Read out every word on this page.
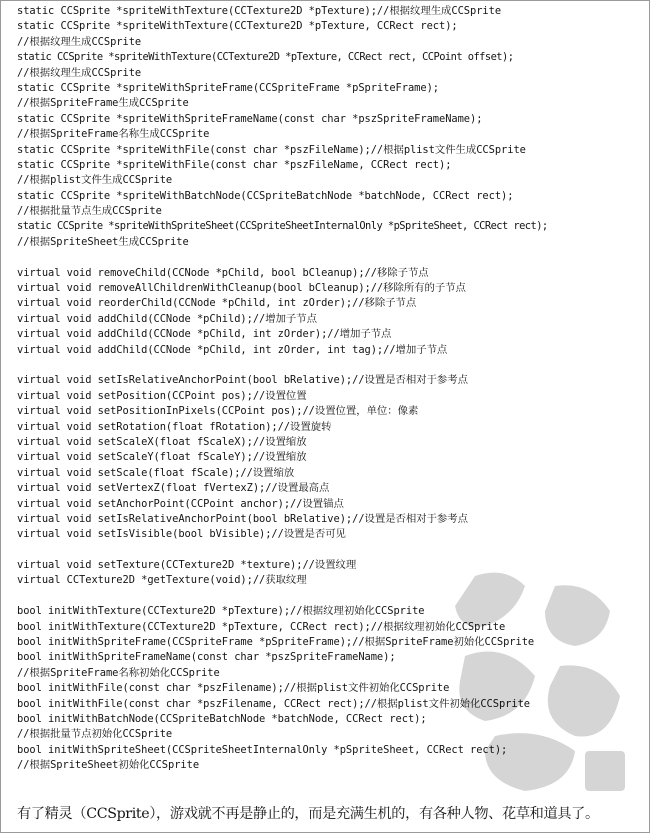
static CCSprite *spriteWithTexture(CCTexture2D *pTexture);//根据纹理生成CCSprite
static CCSprite *spriteWithTexture(CCTexture2D *pTexture, CCRect rect);
//根据纹理生成CCSprite
static CCSprite *spriteWithTexture(CCTexture2D *pTexture, CCRect rect, CCPoint offset);
//根据纹理生成CCSprite
static CCSprite *spriteWithSpriteFrame(CCSpriteFrame *pSpriteFrame);
//根据SpriteFrame生成CCSprite
static CCSprite *spriteWithSpriteFrameName(const char *pszSpriteFrameName);
//根据SpriteFrame名称生成CCSprite
static CCSprite *spriteWithFile(const char *pszFileName);//根据plist文件生成CCSprite
static CCSprite *spriteWithFile(const char *pszFileName, CCRect rect);
//根据plist文件生成CCSprite
static CCSprite *spriteWithBatchNode(CCSpriteBatchNode *batchNode, CCRect rect);
//根据批量节点生成CCSprite
static CCSprite *spriteWithSpriteSheet(CCSpriteSheetInternalOnly *pSpriteSheet, CCRect rect);
//根据SpriteSheet生成CCSprite
virtual void removeChild(CCNode *pChild, bool bCleanup);//移除子节点
virtual void removeAllChildrenWithCleanup(bool bCleanup);//移除所有的子节点
virtual void reorderChild(CCNode *pChild, int zOrder);//移除子节点
virtual void addChild(CCNode *pChild);//增加子节点
virtual void addChild(CCNode *pChild, int zOrder);//增加子节点
virtual void addChild(CCNode *pChild, int zOrder, int tag);//增加子节点
virtual void setIsRelativeAnchorPoint(bool bRelative);//设置是否相对于参考点
virtual void setPosition(CCPoint pos);//设置位置
virtual void setPositionInPixels(CCPoint pos);//设置位置，单位：像素
virtual void setRotation(float fRotation);//设置旋转
virtual void setScaleX(float fScaleX);//设置缩放
virtual void setScaleY(float fScaleY);//设置缩放
virtual void setScale(float fScale);//设置缩放
virtual void setVertexZ(float fVertexZ);//设置最高点
virtual void setAnchorPoint(CCPoint anchor);//设置锚点
virtual void setIsRelativeAnchorPoint(bool bRelative);//设置是否相对于参考点
virtual void setIsVisible(bool bVisible);//设置是否可见
virtual void setTexture(CCTexture2D *texture);//设置纹理
virtual CCTexture2D *getTexture(void);//获取纹理
bool initWithTexture(CCTexture2D *pTexture);//根据纹理初始化CCSprite
bool initWithTexture(CCTexture2D *pTexture, CCRect rect);//根据纹理初始化CCSprite
bool initWithSpriteFrame(CCSpriteFrame *pSpriteFrame);//根据SpriteFrame初始化CCSprite
bool initWithSpriteFrameName(const char *pszSpriteFrameName);
//根据SpriteFrame名称初始化CCSprite
bool initWithFile(const char *pszFilename);//根据plist文件初始化CCSprite
bool initWithFile(const char *pszFilename, CCRect rect);//根据plist文件初始化CCSprite
bool initWithBatchNode(CCSpriteBatchNode *batchNode, CCRect rect);
//根据批量节点初始化CCSprite
bool initWithSpriteSheet(CCSpriteSheetInternalOnly *pSpriteSheet, CCRect rect);
//根据SpriteSheet初始化CCSprite
有了精灵（CCSprite），游戏就不再是静止的，而是充满生机的，有各种人物、花草和道具了。
